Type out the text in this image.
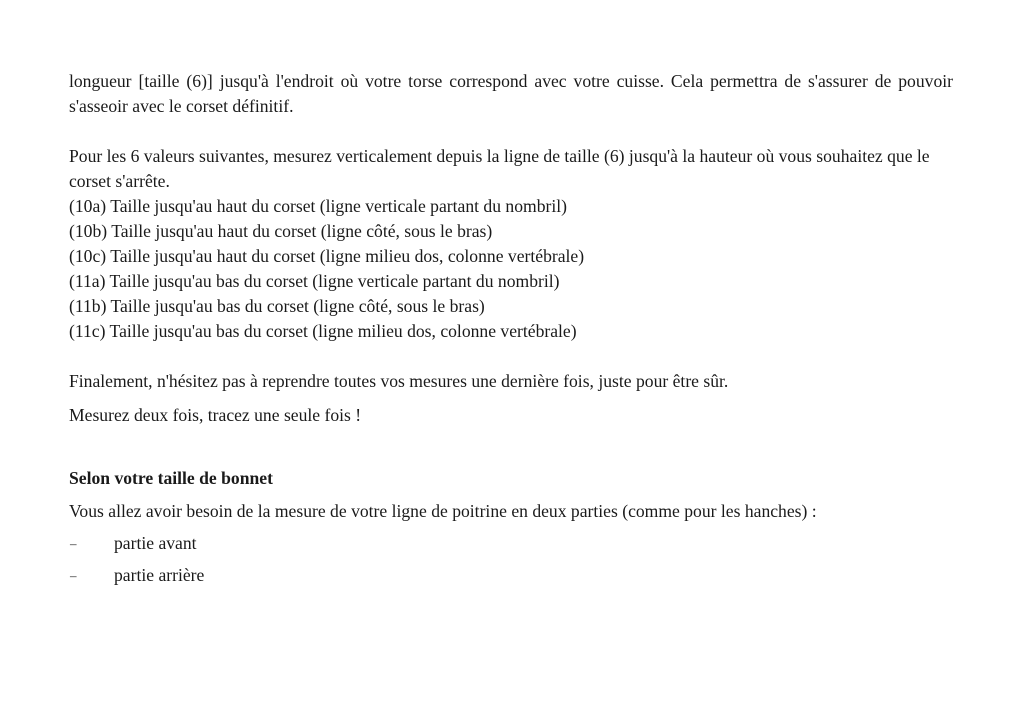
longueur [taille (6)] jusqu'à l'endroit où votre torse correspond avec votre cuisse. Cela permettra de s'assurer de pouvoir s'asseoir avec le corset définitif.

Pour les 6 valeurs suivantes, mesurez verticalement depuis la ligne de taille (6) jusqu'à la hauteur où vous souhaitez que le corset s'arrête.

(10a) Taille jusqu'au haut du corset (ligne verticale partant du nombril)
(10b) Taille jusqu'au haut du corset (ligne côté, sous le bras)
(10c) Taille jusqu'au haut du corset (ligne milieu dos, colonne vertébrale)
(11a) Taille jusqu'au bas du corset (ligne verticale partant du nombril)
(11b) Taille jusqu'au bas du corset (ligne côté, sous le bras)
(11c) Taille jusqu'au bas du corset (ligne milieu dos, colonne vertébrale)

Finalement, n'hésitez pas à reprendre toutes vos mesures une dernière fois, juste pour être sûr.

Mesurez deux fois, tracez une seule fois !

Selon votre taille de bonnet

Vous allez avoir besoin de la mesure de votre ligne de poitrine en deux parties (comme pour les hanches) :

–	partie avant
–	partie arrière
